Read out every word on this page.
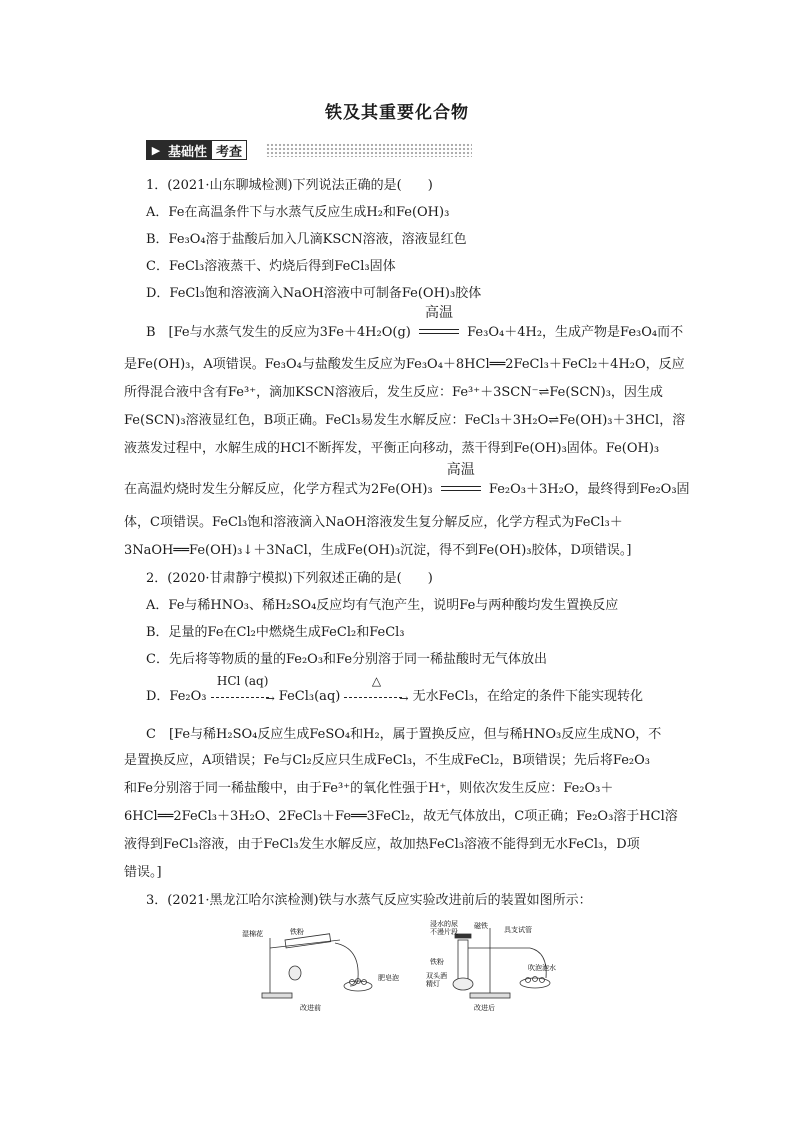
铁及其重要化合物
▶ 基础性 考查
1．(2021·山东聊城检测)下列说法正确的是(　　)
A．Fe在高温条件下与水蒸气反应生成H₂和Fe(OH)₃
B．Fe₃O₄溶于盐酸后加入几滴KSCN溶液，溶液显红色
C．FeCl₃溶液蒸干、灼烧后得到FeCl₃固体
D．FeCl₃饱和溶液滴入NaOH溶液中可制备Fe(OH)₃胶体
B　[Fe与水蒸气发生的反应为3Fe＋4H₂O(g)
高温
Fe₃O₄＋4H₂，生成产物是Fe₃O₄而不
是Fe(OH)₃，A项错误。Fe₃O₄与盐酸发生反应为Fe₃O₄＋8HCl══2FeCl₃＋FeCl₂＋4H₂O，反应
所得混合液中含有Fe³⁺，滴加KSCN溶液后，发生反应：Fe³⁺＋3SCN⁻⇌Fe(SCN)₃，因生成
Fe(SCN)₃溶液显红色，B项正确。FeCl₃易发生水解反应：FeCl₃＋3H₂O⇌Fe(OH)₃＋3HCl，溶
液蒸发过程中，水解生成的HCl不断挥发，平衡正向移动，蒸干得到Fe(OH)₃固体。Fe(OH)₃
在高温灼烧时发生分解反应，化学方程式为2Fe(OH)₃
高温
Fe₂O₃＋3H₂O，最终得到Fe₂O₃固
体，C项错误。FeCl₃饱和溶液滴入NaOH溶液发生复分解反应，化学方程式为FeCl₃＋
3NaOH══Fe(OH)₃↓＋3NaCl，生成Fe(OH)₃沉淀，得不到Fe(OH)₃胶体，D项错误。]
2．(2020·甘肃静宁模拟)下列叙述正确的是(　　)
A．Fe与稀HNO₃、稀H₂SO₄反应均有气泡产生，说明Fe与两种酸均发生置换反应
B．足量的Fe在Cl₂中燃烧生成FeCl₂和FeCl₃
C．先后将等物质的量的Fe₂O₃和Fe分别溶于同一稀盐酸时无气体放出
D．Fe₂O₃
HCl (aq)
→ FeCl₃(aq)
△
→ 无水FeCl₃，在给定的条件下能实现转化
C　[Fe与稀H₂SO₄反应生成FeSO₄和H₂，属于置换反应，但与稀HNO₃反应生成NO，不
是置换反应，A项错误；Fe与Cl₂反应只生成FeCl₃，不生成FeCl₂，B项错误；先后将Fe₂O₃
和Fe分别溶于同一稀盐酸中，由于Fe³⁺的氧化性强于H⁺，则依次发生反应：Fe₂O₃＋
6HCl══2FeCl₃＋3H₂O、2FeCl₃＋Fe══3FeCl₂，故无气体放出，C项正确；Fe₂O₃溶于HCl溶
液得到FeCl₃溶液，由于FeCl₃发生水解反应，故加热FeCl₃溶液不能得到无水FeCl₃，D项
错误。]
3．(2021·黑龙江哈尔滨检测)铁与水蒸气反应实验改进前后的装置如图所示：
湿棉花	铁粉
肥皂泡
改进前
浸水的尿
不漫片段
磁铁 具支试管
铁粉
双头酒
精灯
吹泡泡水
改进后
